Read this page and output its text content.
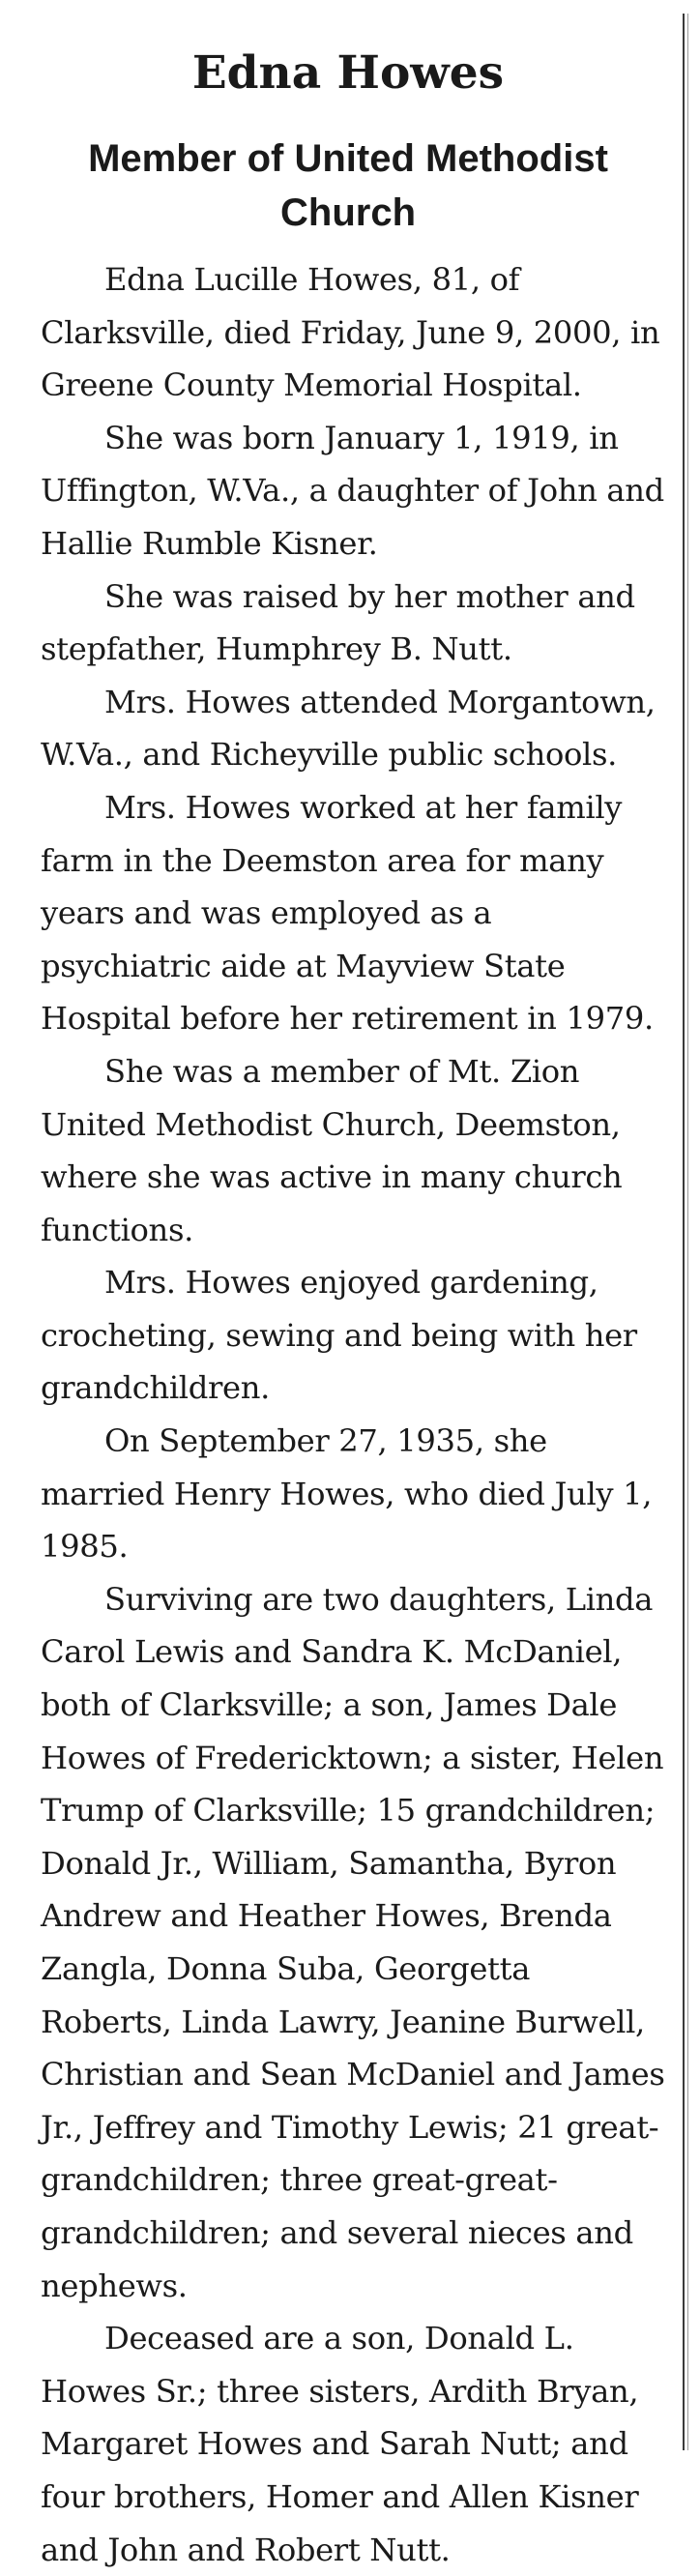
Edna Howes
Member of United Methodist Church

Edna Lucille Howes, 81, of Clarksville, died Friday, June 9, 2000, in Greene County Memorial Hospital.

She was born January 1, 1919, in Uffington, W.Va., a daughter of John and Hallie Rumble Kisner.

She was raised by her mother and stepfather, Humphrey B. Nutt.

Mrs. Howes attended Morgantown, W.Va., and Richeyville public schools.

Mrs. Howes worked at her family farm in the Deemston area for many years and was employed as a psychiatric aide at Mayview State Hospital before her retirement in 1979.

She was a member of Mt. Zion United Methodist Church, Deemston, where she was active in many church functions.

Mrs. Howes enjoyed gardening, crocheting, sewing and being with her grandchildren.

On September 27, 1935, she married Henry Howes, who died July 1, 1985.

Surviving are two daughters, Linda Carol Lewis and Sandra K. McDaniel, both of Clarksville; a son, James Dale Howes of Fredericktown; a sister, Helen Trump of Clarksville; 15 grandchildren; Donald Jr., William, Samantha, Byron Andrew and Heather Howes, Brenda Zangla, Donna Suba, Georgetta Roberts, Linda Lawry, Jeanine Burwell, Christian and Sean McDaniel and James Jr., Jeffrey and Timothy Lewis; 21 great-grandchildren; three great-great-grandchildren; and several nieces and nephews.

Deceased are a son, Donald L. Howes Sr.; three sisters, Ardith Bryan, Margaret Howes and Sarah Nutt; and four brothers, Homer and Allen Kisner and John and Robert Nutt.
